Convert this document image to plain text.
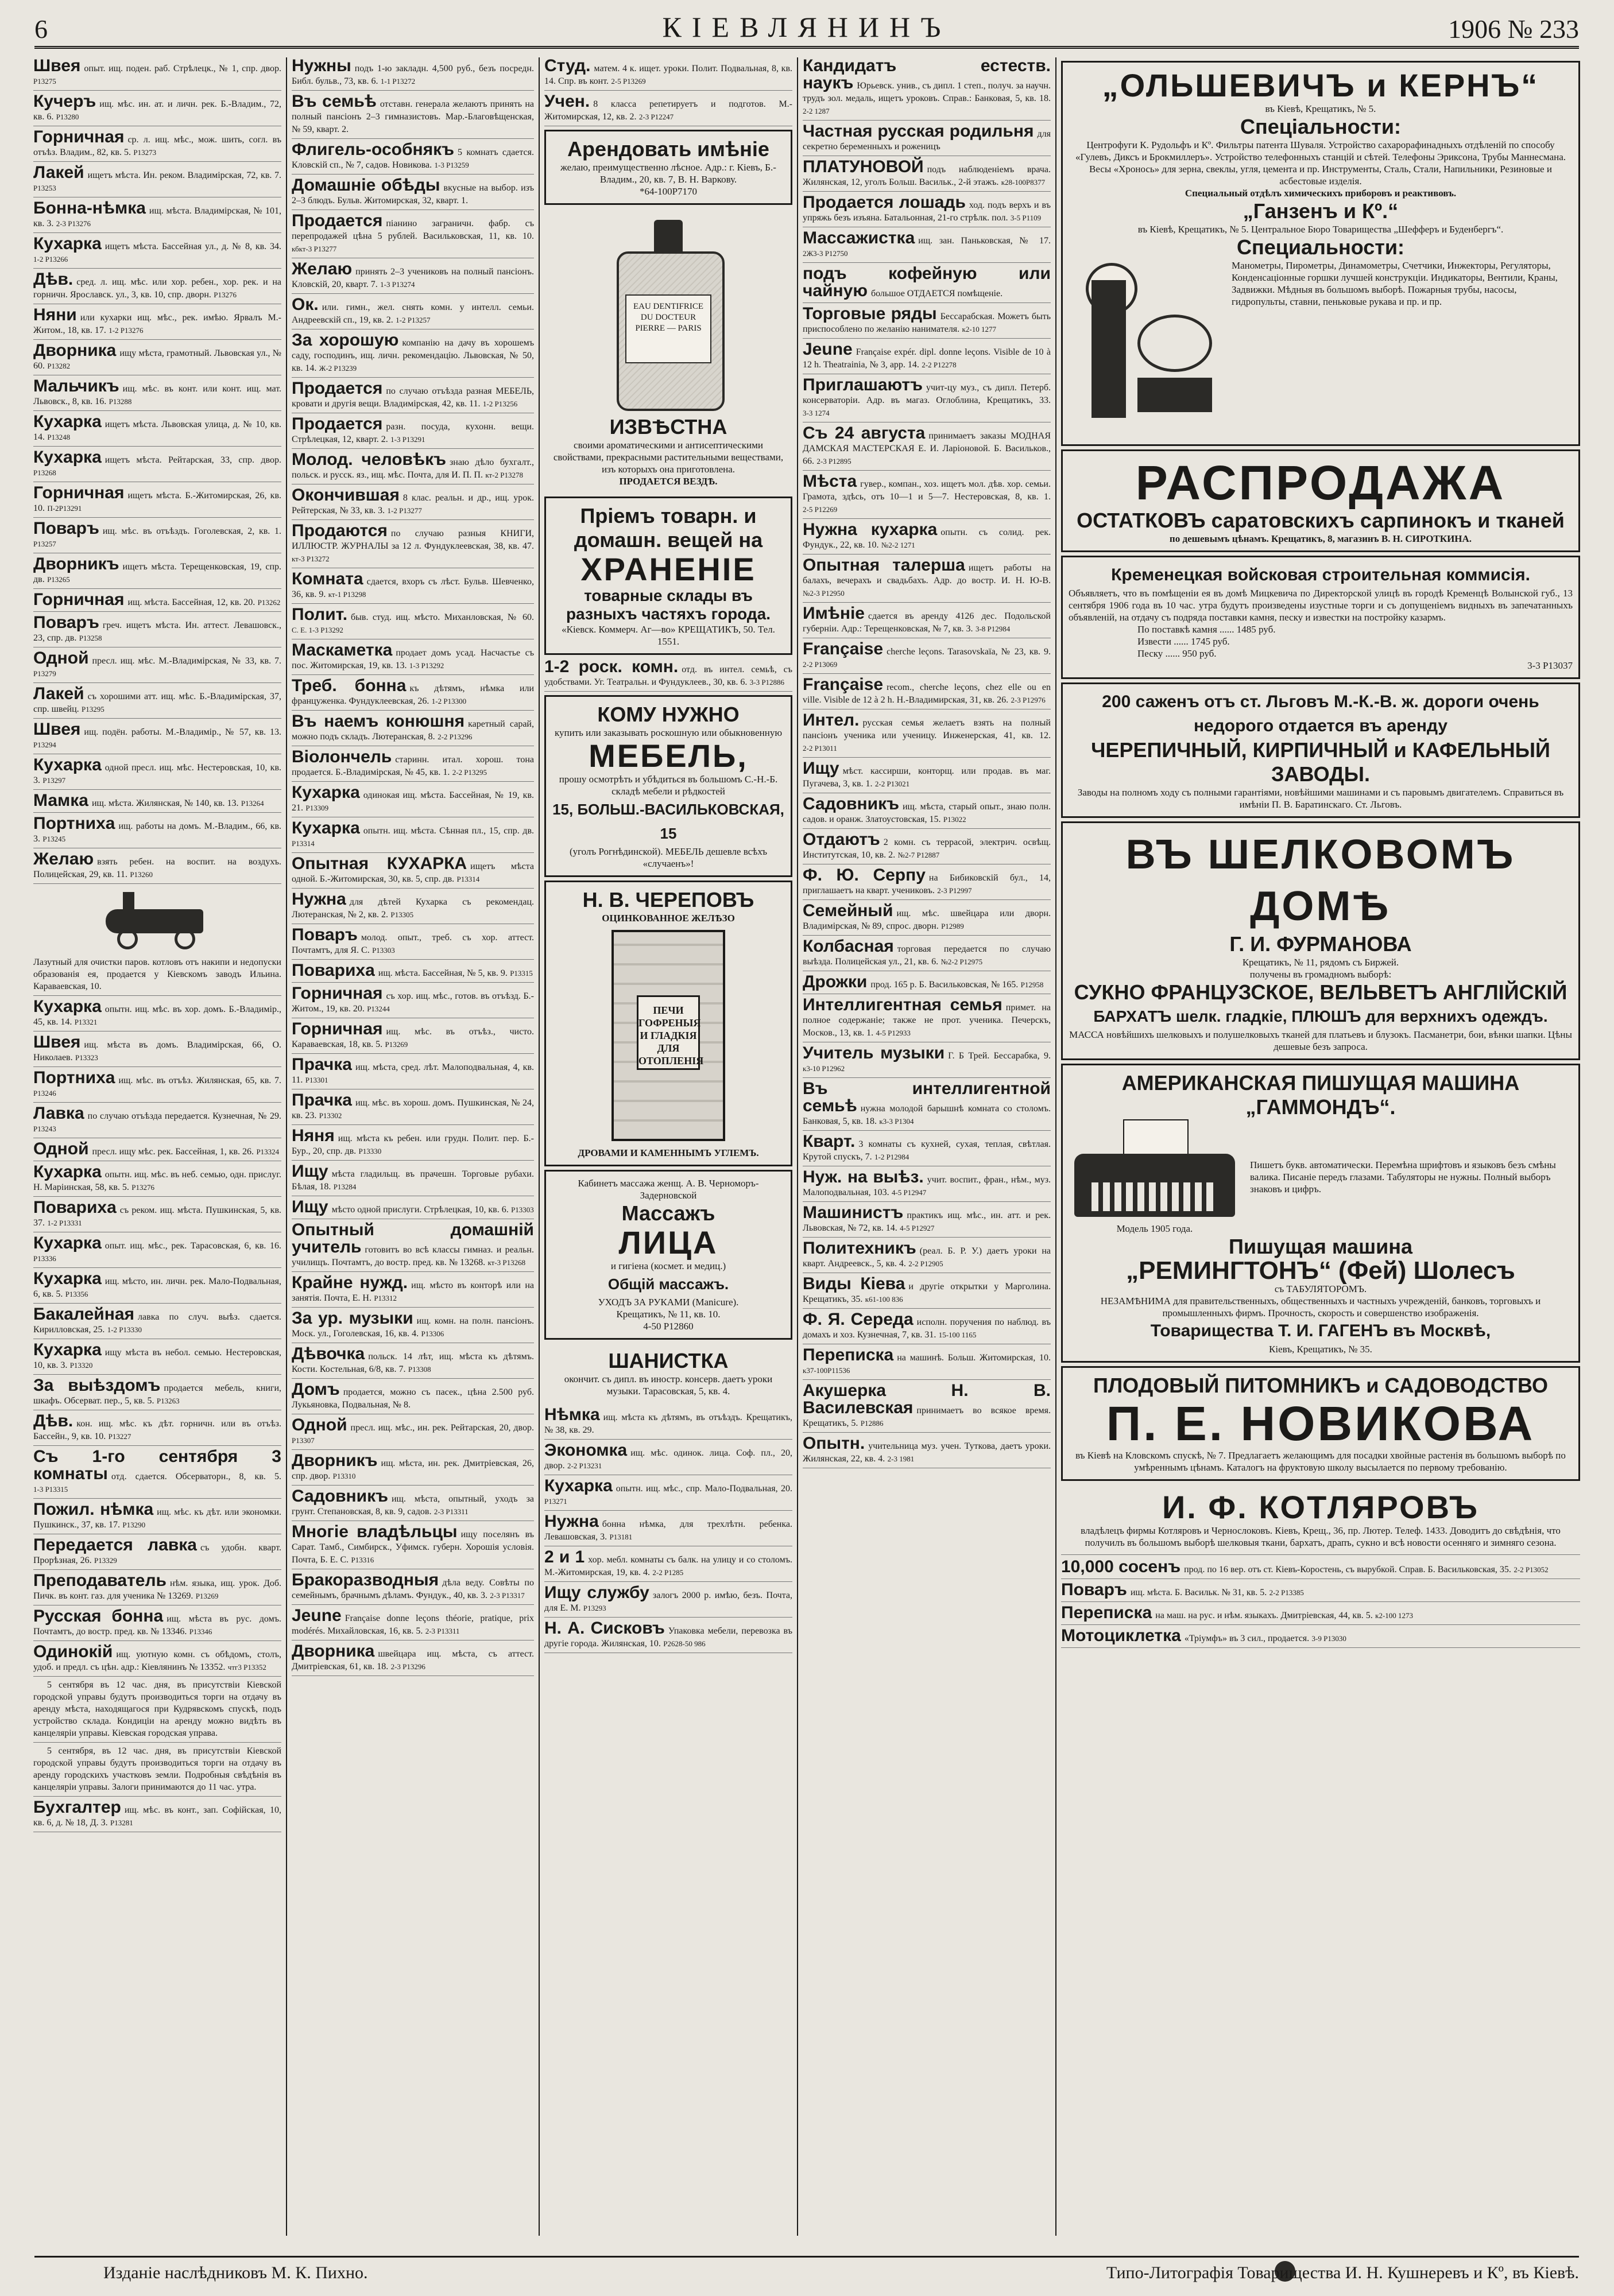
6	КІЕВЛЯНИНЪ	1906 № 233
Швея опыт. ищ. поден. раб. Стрѣлецк., № 1, спр. двор. Р13275
Кучеръ ищ. мѣс. ин. ат. и личн. рек. Б.-Владим., 72, кв. 6. Р13280
Горничная ср. л. ищ. мѣс., мож. шить, согл. въ отъѣз. Владим., 82, кв. 5. Р13273
Лакей ищетъ мѣста. Ин. реком. Владимірская, 72, кв. 7. Р13253
Бонна-нѣмка ищ. мѣста. Владимірская, № 101, кв. 3. 2-3 Р13276
Кухарка ищетъ мѣста. Бассейная ул., д. № 8, кв. 34. 1-2 Р13266
Дѣв. сред. л. ищ. мѣс. или хор. ребен., хор. рек. и на горничн. Ярославск. ул., 3, кв. 10, спр. дворн. Р13276
Няни или кухарки ищ. мѣс., рек. имѣю. Ярвалъ М.-Житом., 18, кв. 17. 1-2 Р13276
Дворника ищу мѣста, грамотный. Львовская ул., № 60. Р13282
Мальчикъ ищ. мѣс. въ конт. или конт. ищ. мат. Львовск., 8, кв. 16. Р13288
Кухарка ищетъ мѣста. Львовская улица, д. № 10, кв. 14. Р13248
Кухарка ищетъ мѣста. Рейтарская, 33, спр. двор. Р13268
Горничная ищетъ мѣста. Б.-Житомирская, 26, кв. 10. П-2Р13291
Поваръ ищ. мѣс. въ отъѣздъ. Гоголевская, 2, кв. 1. Р13257
Дворникъ ищетъ мѣста. Терещенковская, 19, спр. дв. Р13265
Горничная ищ. мѣста. Бассейная, 12, кв. 20. Р13262
Поваръ греч. ищетъ мѣста. Ин. аттест. Левашовск., 23, спр. дв. Р13258
Одной пресл. ищ. мѣс. М.-Владимірская, № 33, кв. 7. Р13279
Лакей съ хорошими атт. ищ. мѣс. Б.-Владимірская, 37, спр. швейц. Р13295
Швея ищ. подён. работы. М.-Владимір., № 57, кв. 13. Р13294
Кухарка одной пресл. ищ. мѣс. Нестеровская, 10, кв. 3. Р13297
Мамка ищ. мѣста. Жилянская, № 140, кв. 13. Р13264
Портниха ищ. работы на домъ. М.-Владим., 66, кв. 3. Р13245
Желаю взять ребен. на воспит. на воздухъ. Полицейская, 29, кв. 11. Р13260
Лазутный для очистки паров. котловъ отъ накипи и недопуски образованія ея, продается у Кіевскомъ заводъ Ильина. Караваевская, 10.
Кухарка опытн. ищ. мѣс. въ хор. домъ. Б.-Владимір., 45, кв. 14. Р13321
Швея ищ. мѣста въ домъ. Владимірская, 66, О. Николаев. Р13323
Портниха ищ. мѣс. въ отъѣз. Жилянская, 65, кв. 7. Р13246
Лавка по случаю отъѣзда передается. Кузнечная, № 29. Р13243
Одной пресл. ищу мѣс. рек. Бассейная, 1, кв. 26. Р13324
Кухарка опытн. ищ. мѣс. въ неб. семью, одн. прислуг. Н. Маріинская, 58, кв. 5. Р13276
Повариха съ реком. ищ. мѣста. Пушкинская, 5, кв. 37. 1-2 Р13331
Кухарка опыт. ищ. мѣс., рек. Тарасовская, 6, кв. 16. Р13336
Кухарка ищ. мѣсто, ин. личн. рек. Мало-Подвальная, 6, кв. 5. Р13356
Бакалейная лавка по случ. выѣз. сдается. Кирилловская, 25. 1-2 Р13330
Кухарка ищу мѣста въ небол. семью. Нестеровская, 10, кв. 3. Р13320
За выѣздомъ продается мебель, книги, шкафъ. Обсерват. пер., 5, кв. 5. Р13263
Дѣв. кон. ищ. мѣс. къ дѣт. горничн. или въ отъѣз. Бассейн., 9, кв. 10. Р13227
Съ 1-го сентября 3 комнаты отд. сдается. Обсерваторн., 8, кв. 5. 1-3 Р13315
Пожил. нѣмка ищ. мѣс. къ дѣт. или экономки. Пушкинск., 37, кв. 17. Р13290
Передается лавка съ удобн. кварт. Прорѣзная, 26. Р13329
Преподаватель нѣм. языка, ищ. урок. Доб. Пичк. въ конт. газ. для ученика № 13269. Р13269
Русская бонна ищ. мѣста въ рус. домъ. Почтамтъ, до востр. пред. кв. № 13346. Р13346
Одинокій ищ. уютную комн. съ обѣдомъ, столъ, удоб. и предл. съ цѣн. адр.: Кіевлянинъ № 13352. чтг3 Р13352
5 сентября въ 12 час. дня, въ присутствіи Кіевской городской управы будутъ производиться торги на отдачу въ аренду мѣста, находящагося при Кудрявскомъ спускѣ, подъ устройство склада. Кондиціи на аренду можно видѣть въ канцеляріи управы. Кіевская городская управа.
5 сентября, въ 12 час. дня, въ присутствіи Кіевской городской управы будутъ производиться торги на отдачу въ аренду городскихъ участковъ земли. Подробныя свѣдѣнія въ канцеляріи управы. Залоги принимаются до 11 час. утра.
Бухгалтер ищ. мѣс. въ конт., зап. Софійская, 10, кв. 6, д. № 18, Д. 3. Р13281
Нужны подъ 1-ю закладн. 4,500 руб., безъ посредн. Библ. бульв., 73, кв. 6. 1-1 Р13272
Въ семьѣ отставн. генерала желаютъ принять на полный пансіонъ 2–3 гимназистовъ. Мар.-Благовѣщенская, № 59, кварт. 2.
Флигель-особнякъ 5 комнатъ сдается. Кловскій сп., № 7, садов. Новикова. 1-3 Р13259
Домашніе обѣды вкусные на выбор. изъ 2–3 блюдъ. Бульв. Житомирская, 32, кварт. 1.
Продается піанино заграничн. фабр. съ перепродажей цѣна 5 рублей. Васильковская, 11, кв. 10. кбкт-3 Р13277
Желаю принять 2–3 учениковъ на полный пансіонъ. Кловскій, 20, кварт. 7. 1-3 Р13274
Ок. или. гимн., жел. снять комн. у интелл. семьи. Андреевскій сп., 19, кв. 2. 1-2 Р13257
За хорошую компанію на дачу въ хорошемъ саду, господинъ, ищ. личн. рекомендацію. Львовская, № 50, кв. 14. Ж-2 Р13239
Продается по случаю отъѣзда разная МЕБЕЛЬ, кровати и другія вещи. Владимірская, 42, кв. 11. 1-2 Р13256
Продается разн. посуда, кухонн. вещи. Стрѣлецкая, 12, кварт. 2. 1-3 Р13291
Молод. человѣкъ знаю дѣло бухгалт., польск. и русск. яз., ищ. мѣс. Почта, для И. П. П. кт-2 Р13278
Окончившая 8 клас. реальн. и др., ищ. урок. Рейтерская, № 33, кв. 3. 1-2 Р13277
Продаются по случаю разныя КНИГИ, ИЛЛЮСТР. ЖУРНАЛЫ за 12 л. Фундуклеевская, 38, кв. 47. кт-3 Р13272
Комната сдается, вхоръ съ лѣст. Бульв. Шевченко, 36, кв. 9. кт-1 Р13298
Полит. быв. студ. ищ. мѣсто. Миханловская, № 60. С. Е. 1-3 Р13292
Маскаметка продает домъ усад. Насчастье съ пос. Житомирская, 19, кв. 13. 1-3 Р13292
Треб. бонна къ дѣтямъ, нѣмка или француженка. Фундуклеевская, 26. 1-2 Р13300
Въ наемъ конюшня каретный сарай, можно подъ складъ. Лютеранская, 8. 2-2 Р13296
Віолончель старинн. итал. хорош. тона продается. Б.-Владимірская, № 45, кв. 1. 2-2 Р13295
Кухарка одинокая ищ. мѣста. Бассейная, № 19, кв. 21. Р13309
Кухарка опытн. ищ. мѣста. Сѣнная пл., 15, спр. дв. Р13314
Опытная КУХАРКА ищетъ мѣста одной. Б.-Житомирская, 30, кв. 5, спр. дв. Р13314
Нужна для дѣтей Кухарка съ рекомендац. Лютеранская, № 2, кв. 2. Р13305
Поваръ молод. опыт., треб. съ хор. аттест. Почтамтъ, для Я. С. Р13303
Повариха ищ. мѣста. Бассейная, № 5, кв. 9. Р13315
Горничная съ хор. ищ. мѣс., готов. въ отъѣзд. Б.-Житом., 19, кв. 20. Р13244
Горничная ищ. мѣс. въ отъѣз., чисто. Караваевская, 18, кв. 5. Р13269
Прачка ищ. мѣста, сред. лѣт. Малоподвальная, 4, кв. 11. Р13301
Прачка ищ. мѣс. въ хорош. домъ. Пушкинская, № 24, кв. 23. Р13302
Няня ищ. мѣста къ ребен. или грудн. Полит. пер. Б.-Бур., 20, спр. дв. Р13330
Ищу мѣста гладильщ. въ прачешн. Торговые рубахи. Бѣлая, 18. Р13284
Ищу мѣсто одной прислуги. Стрѣлецкая, 10, кв. 6. Р13303
Опытный домашній учитель готовитъ во всѣ классы гимназ. и реальн. училищъ. Почтамтъ, до востр. пред. кв. № 13268. кт-3 Р13268
Крайне нужд. ищ. мѣсто въ конторѣ или на занятія. Почта, Е. Н. Р13312
За ур. музыки ищ. комн. на полн. пансіонъ. Моск. ул., Гоголевская, 16, кв. 4. Р13306
Дѣвочка польск. 14 лѣт, ищ. мѣста къ дѣтямъ. Кости. Костельная, 6/8, кв. 7. Р13308
Домъ продается, можно съ пасек., цѣна 2.500 руб. Лукьяновка, Подвальная, № 8.
Одной пресл. ищ. мѣс., ин. рек. Рейтарская, 20, двор. Р13307
Дворникъ ищ. мѣста, ин. рек. Дмитріевская, 26, спр. двор. Р13310
Садовникъ ищ. мѣста, опытный, уходъ за грунт. Степановская, 8, кв. 9, садов. 2-3 Р13311
Многіе владѣльцы ищу поселянъ въ Сарат. Тамб., Симбирск., Уфимск. губерн. Хорошія условія. Почта, Б. Е. С. Р13316
Бракоразводныя дѣла веду. Совѣты по семейнымъ, брачнымъ дѣламъ. Фундук., 40, кв. 3. 2-3 Р13317
Jeune Française donne leçons théorie, pratique, prix modérés. Михайловская, 16, кв. 5. 2-3 Р13311
Дворника швейцара ищ. мѣста, съ аттест. Дмитріевская, 61, кв. 18. 2-3 Р13296
Студ. матем. 4 к. ищет. уроки. Полит. Подвальная, 8, кв. 14. Спр. въ конт. 2-5 Р13269
Учен. 8 класса репетируетъ и подготов. М.-Житомирская, 12, кв. 2. 2-3 Р12247
Арендовать имѣніе
желаю, преимущественно лѣсное. Адр.: г. Кіевъ, Б.-Владим., 20, кв. 7, В. Н. Варкову.
*64-100Р7170
EAU DENTIFRICE DU DOCTEUR PIERRE — PARIS
ИЗВѢСТНА
своими ароматическими и антисептическими свойствами, прекрасными растительными веществами, изъ которыхъ она приготовлена.
ПРОДАЕТСЯ ВЕЗДѢ.
Пріемъ товарн. и домашн. вещей на
ХРАНЕНІЕ
товарные склады въ разныхъ частяхъ города.
«Кіевск. Коммерч. Аг—во» КРЕЩАТИКЪ, 50. Тел. 1551.
1-2 роск. комн. отд. въ интел. семьѣ, съ удобствами. Уг. Театральн. и Фундуклеев., 30, кв. 6. 3-3 Р12886
КОМУ НУЖНО
купить или заказывать роскошную или обыкновенную
МЕБЕЛЬ,
прошу осмотрѣть и убѣдиться въ большомъ С.-Н.-Б. складѣ мебели и рѣдкостей
15, БОЛЬШ.-ВАСИЛЬКОВСКАЯ, 15
(уголъ Рогнѣдинской). МЕБЕЛЬ дешевле всѣхъ «случаенъ»!
Н. В. ЧЕРЕПОВЪ
ОЦИНКОВАННОЕ ЖЕЛѢЗО
ПЕЧИ ГОФРЕНЫЯ И ГЛАДКІЯ ДЛЯ ОТОПЛЕНІЯ
ДРОВАМИ И КАМЕННЫМЪ УГЛЕМЪ.
Кабинетъ массажа женщ. А. В. Черноморъ-Задерновской
Массажъ
ЛИЦА
и гигiена (космет. и медиц.)
Общій массажъ.
УХОДЪ ЗА РУКАМИ (Manicure).
Крещатикъ, № 11, кв. 10.
4-50 Р12860
ШАНИСТКА
окончит. съ дипл. въ иностр. консерв. даетъ уроки музыки. Тарасовская, 5, кв. 4.
Нѣмка ищ. мѣста къ дѣтямъ, въ отъѣздъ. Крещатикъ, № 38, кв. 29.
Экономка ищ. мѣс. одинок. лица. Соф. пл., 20, двор. 2-2 Р13231
Кухарка опытн. ищ. мѣс., спр. Мало-Подвальная, 20. Р13271
Нужна бонна нѣмка, для трехлѣтн. ребенка. Левашовская, 3. Р13181
2 и 1 хор. мебл. комнаты съ балк. на улицу и со столомъ. М.-Житомирская, 19, кв. 4. 2-2 Р1285
Ищу службу залогъ 2000 р. имѣю, безъ. Почта, для Е. М. Р13293
Н. А. Сисковъ Упаковка мебели, перевозка въ другіе города. Жилянская, 10. Р2628-50 986
Кандидатъ естеств. наукъ Юрьевск. унив., съ дипл. 1 степ., получ. за научн. трудъ зол. медаль, ищетъ уроковъ. Справ.: Банковая, 5, кв. 18. 2-2 1287
Частная русская родильня для секретно беременныхъ и роженицъ
ПЛАТУНОВОЙ подъ наблюденіемъ врача. Жилянская, 12, уголъ Больш. Васильк., 2-й этажъ. к28-100Р8377
Продается лошадь ход. подъ верхъ и въ упряжь безъ изъяна. Батальонная, 21-го стрѣлк. пол. 3-5 Р1109
Массажистка ищ. зан. Паньковская, № 17. 2Ж3-3 Р12750
подъ кофейную или чайную большое ОТДАЕТСЯ помѣщеніе.
Торговые ряды Бессарабская. Можетъ быть приспособлено по желанію нанимателя. к2-10 1277
Jeune Française expér. dipl. donne leçons. Visible de 10 à 12 h. Theatrainia, № 3, арр. 14. 2-2 Р12278
Приглашаютъ учит-цу муз., съ дипл. Петерб. консерваторіи. Адр. въ магаз. Оглоблина, Крещатикъ, 33. 3-3 1274
Съ 24 августа принимаетъ заказы МОДНАЯ ДАМСКАЯ МАСТЕРСКАЯ Е. И. Ларіоновой. Б. Васильков., 66. 2-3 Р12895
Мѣста гувер., компан., хоз. ищетъ мол. дѣв. хор. семьи. Грамота, здѣсь, отъ 10—1 и 5—7. Нестеровская, 8, кв. 1. 2-5 Р12269
Нужна кухарка опытн. съ солид. рек. Фундук., 22, кв. 10. №2-2 1271
Опытная талерша ищетъ работы на балахъ, вечерахъ и свадьбахъ. Адр. до востр. И. Н. Ю-В. №2-3 Р12950
Имѣніе сдается въ аренду 4126 дес. Подольской губерніи. Адр.: Терещенковская, № 7, кв. 3. 3-8 Р12984
Française cherche leçons. Tarasovskaïa, № 23, кв. 9. 2-2 Р13069
Française recom., cherche leçons, chez elle ou en ville. Visible de 12 à 2 h. Н.-Владимирская, 31, кв. 26. 2-3 Р12976
Интел. русская семья желаетъ взять на полный пансіонъ ученика или ученицу. Инженерская, 41, кв. 12. 2-2 Р13011
Ищу мѣст. кассирши, конторщ. или продав. въ маг. Пугачева, 3, кв. 1. 2-2 Р13021
Садовникъ ищ. мѣста, старый опыт., знаю полн. садов. и оранж. Златоустовская, 15. Р13022
Отдаютъ 2 комн. съ террасой, электрич. освѣщ. Институтская, 10, кв. 2. №2-7 Р12887
Ф. Ю. Серпу на Бибиковскій бул., 14, приглашаетъ на кварт. учениковъ. 2-3 Р12997
Семейный ищ. мѣс. швейцара или дворн. Владимірская, № 89, спрос. дворн. Р12989
Колбасная торговая передается по случаю выѣзда. Полицейская ул., 21, кв. 6. №2-2 Р12975
Дрожки прод. 165 р. Б. Васильковская, № 165. Р12958
Интеллигентная семья примет. на полное содержаніе; также не прот. ученика. Печерскъ, Москов., 13, кв. 1. 4-5 Р12933
Учитель музыки Г. Б Трей. Бессарабка, 9. к3-10 Р12962
Въ интеллигентной семьѣ нужна молодой барышнѣ комната со столомъ. Банковая, 5, кв. 18. к3-3 Р1304
Кварт. 3 комнаты съ кухней, сухая, теплая, свѣтлая. Крутой спускъ, 7. 1-2 Р12984
Нуж. на выѣз. учит. воспит., фран., нѣм., муз. Малоподвальная, 103. 4-5 Р12947
Машинистъ практикъ ищ. мѣс., ин. атт. и рек. Львовская, № 72, кв. 14. 4-5 Р12927
Политехникъ (реал. Б. Р. У.) даетъ уроки на кварт. Андреевск., 5, кв. 4. 2-2 Р12905
Виды Кіева и другіе открытки у Марголина. Крещатикъ, 35. к61-100 836
Ф. Я. Середа исполн. поручения по наблюд. въ домахъ и хоз. Кузнечная, 7, кв. 31. 15-100 1165
Переписка на машинѣ. Больш. Житомирская, 10. к37-100Р11536
Акушерка Н. В. Василевская принимаетъ во всякое время. Крещатикъ, 5. Р12886
Опытн. учительница муз. учен. Туткова, даетъ уроки. Жилянская, 22, кв. 4. 2-3 1981
„ОЛЬШЕВИЧЪ и КЕРНЪ“
въ Кіевѣ, Крещатикъ, № 5.
Спеціальности:
Центрофуги К. Рудольфъ и Кº. Фильтры патента Шуваля. Устройство сахарорафинадныхъ отдѣленій по способу «Гулевъ, Диксъ и Брокмиллеръ». Устройство телефонныхъ станцій и сѣтей. Телефоны Эриксона, Трубы Маннесмана. Весы «Хронось» для зерна, свеклы, угля, цемента и пр. Инструменты, Сталь, Стали, Напильники, Резиновые и асбестовые изделія.
Специальный отдѣлъ химическихъ приборовъ и реактивовъ.
„Ганзенъ и Кº.“
въ Кіевѣ, Крещатикъ, № 5. Центральное Бюро Товарищества „Шефферъ и Буденбергъ“.
Специальности:
Манометры, Пирометры, Динамометры, Счетчики, Инжекторы, Регуляторы, Конденсаціонные горшки лучшей конструкціи. Индикаторы, Вентили, Краны, Задвижки. Мѣдныя въ большомъ выборѣ. Пожарныя трубы, насосы, гидропульты, ставни, пеньковые рукава и пр. и пр.
РАСПРОДАЖА
ОСТАТКОВЪ саратовскихъ сарпинокъ и тканей
по дешевымъ цѣнамъ. Крещатикъ, 8, магазинъ В. Н. СИРОТКИНА.
Кременецкая войсковая строительная коммисія.
Объявляетъ, что въ помѣщеніи ея въ домѣ Мицкевича по Директорской улицѣ въ городѣ Кременцѣ Волынской губ., 13 сентября 1906 года въ 10 час. утра будутъ произведены изустные торги и съ допущеніемъ видныхъ въ запечатанныхъ объявленій, на отдачу съ подряда поставки камня, песку и известки на постройку казармъ.
По поставкѣ камня ...... 1485 руб.
Извести ...... 1745 руб.
Песку ...... 950 руб.
3-3 Р13037
200 саженъ отъ ст. Льговъ М.-К.-В. ж. дороги очень недорого отдается въ аренду
ЧЕРЕПИЧНЫЙ, КИРПИЧНЫЙ и КАФЕЛЬНЫЙ ЗАВОДЫ.
Заводы на полномъ ходу съ полными гарантіями, новѣйшими машинами и съ паровымъ двигателемъ. Справиться въ имѣніи П. В. Баратинскаго. Ст. Льговъ.
ВЪ ШЕЛКОВОМЪ ДОМѢ
Г. И. ФУРМАНОВА
Крещатикъ, № 11, рядомъ съ Биржей.
получены въ громадномъ выборѣ:
СУКНО ФРАНЦУЗСКОЕ, ВЕЛЬВЕТЪ АНГЛІЙСКІЙ
БАРХАТЪ шелк. гладкіе, ПЛЮШЪ для верхнихъ одеждъ.
МАССА новѣйшихъ шелковыхъ и полушелковыхъ тканей для платьевъ и блузокъ. Пасманетри, бои, вѣнки шапки. Цѣны дешевые безъ запроса.
АМЕРИКАНСКАЯ ПИШУЩАЯ МАШИНА
„ГАММОНДЪ“.
Модель 1905 года.
Пишетъ букв. автоматически. Перемѣна шрифтовъ и языковъ безъ смѣны валика. Писаніе передъ глазами. Табуляторы не нужны. Полный выборъ знаковъ и цифръ.
Пишущая машина
„РЕМИНГТОНЪ“ (Фей) Шолесъ
съ ТАБУЛЯТОРОМЪ.
НЕЗАМѢНИМА для правительственныхъ, общественныхъ и частныхъ учрежденій, банковъ, торговыхъ и промышленныхъ фирмъ. Прочность, скорость и совершенство изображенія.
Товарищества Т. И. ГАГЕНЪ въ Москвѣ,
Кіевъ, Крещатикъ, № 35.
ПЛОДОВЫЙ ПИТОМНИКЪ и САДОВОДСТВО
П. Е. НОВИКОВА
въ Кіевѣ на Кловскомъ спускѣ, № 7. Предлагаетъ желающимъ для посадки хвойные растенія въ большомъ выборѣ по умѣреннымъ цѣнамъ. Каталогъ на фруктовую школу высылается по первому требованію.
И. Ф. КОТЛЯРОВЪ
владѣлецъ фирмы Котляровъ и Чернослоковъ. Кіевъ, Крещ., 36, пр. Лютер. Телеф. 1433. Доводитъ до свѣдѣнія, что получилъ въ большомъ выборѣ шелковыя ткани, бархатъ, драпъ, сукно и всѣ новости осенняго и зимняго сезона.
10,000 сосенъ прод. по 16 вер. отъ ст. Кіевъ-Коростень, съ вырубкой. Справ. Б. Васильковская, 35. 2-2 Р13052
Поваръ ищ. мѣста. Б. Васильк. № 31, кв. 5. 2-2 Р13385
Переписка на маш. на рус. и нѣм. языкахъ. Дмитріевская, 44, кв. 5. к2-100 1273
Мотоциклетка «Тріумфъ» въ 3 сил., продается. 3-9 Р13030
Изданіе наслѣдниковъ М. К. Пихно.	Типо-Литографія Товарищества И. Н. Кушнеревъ и Кº, въ Кіевѣ.
